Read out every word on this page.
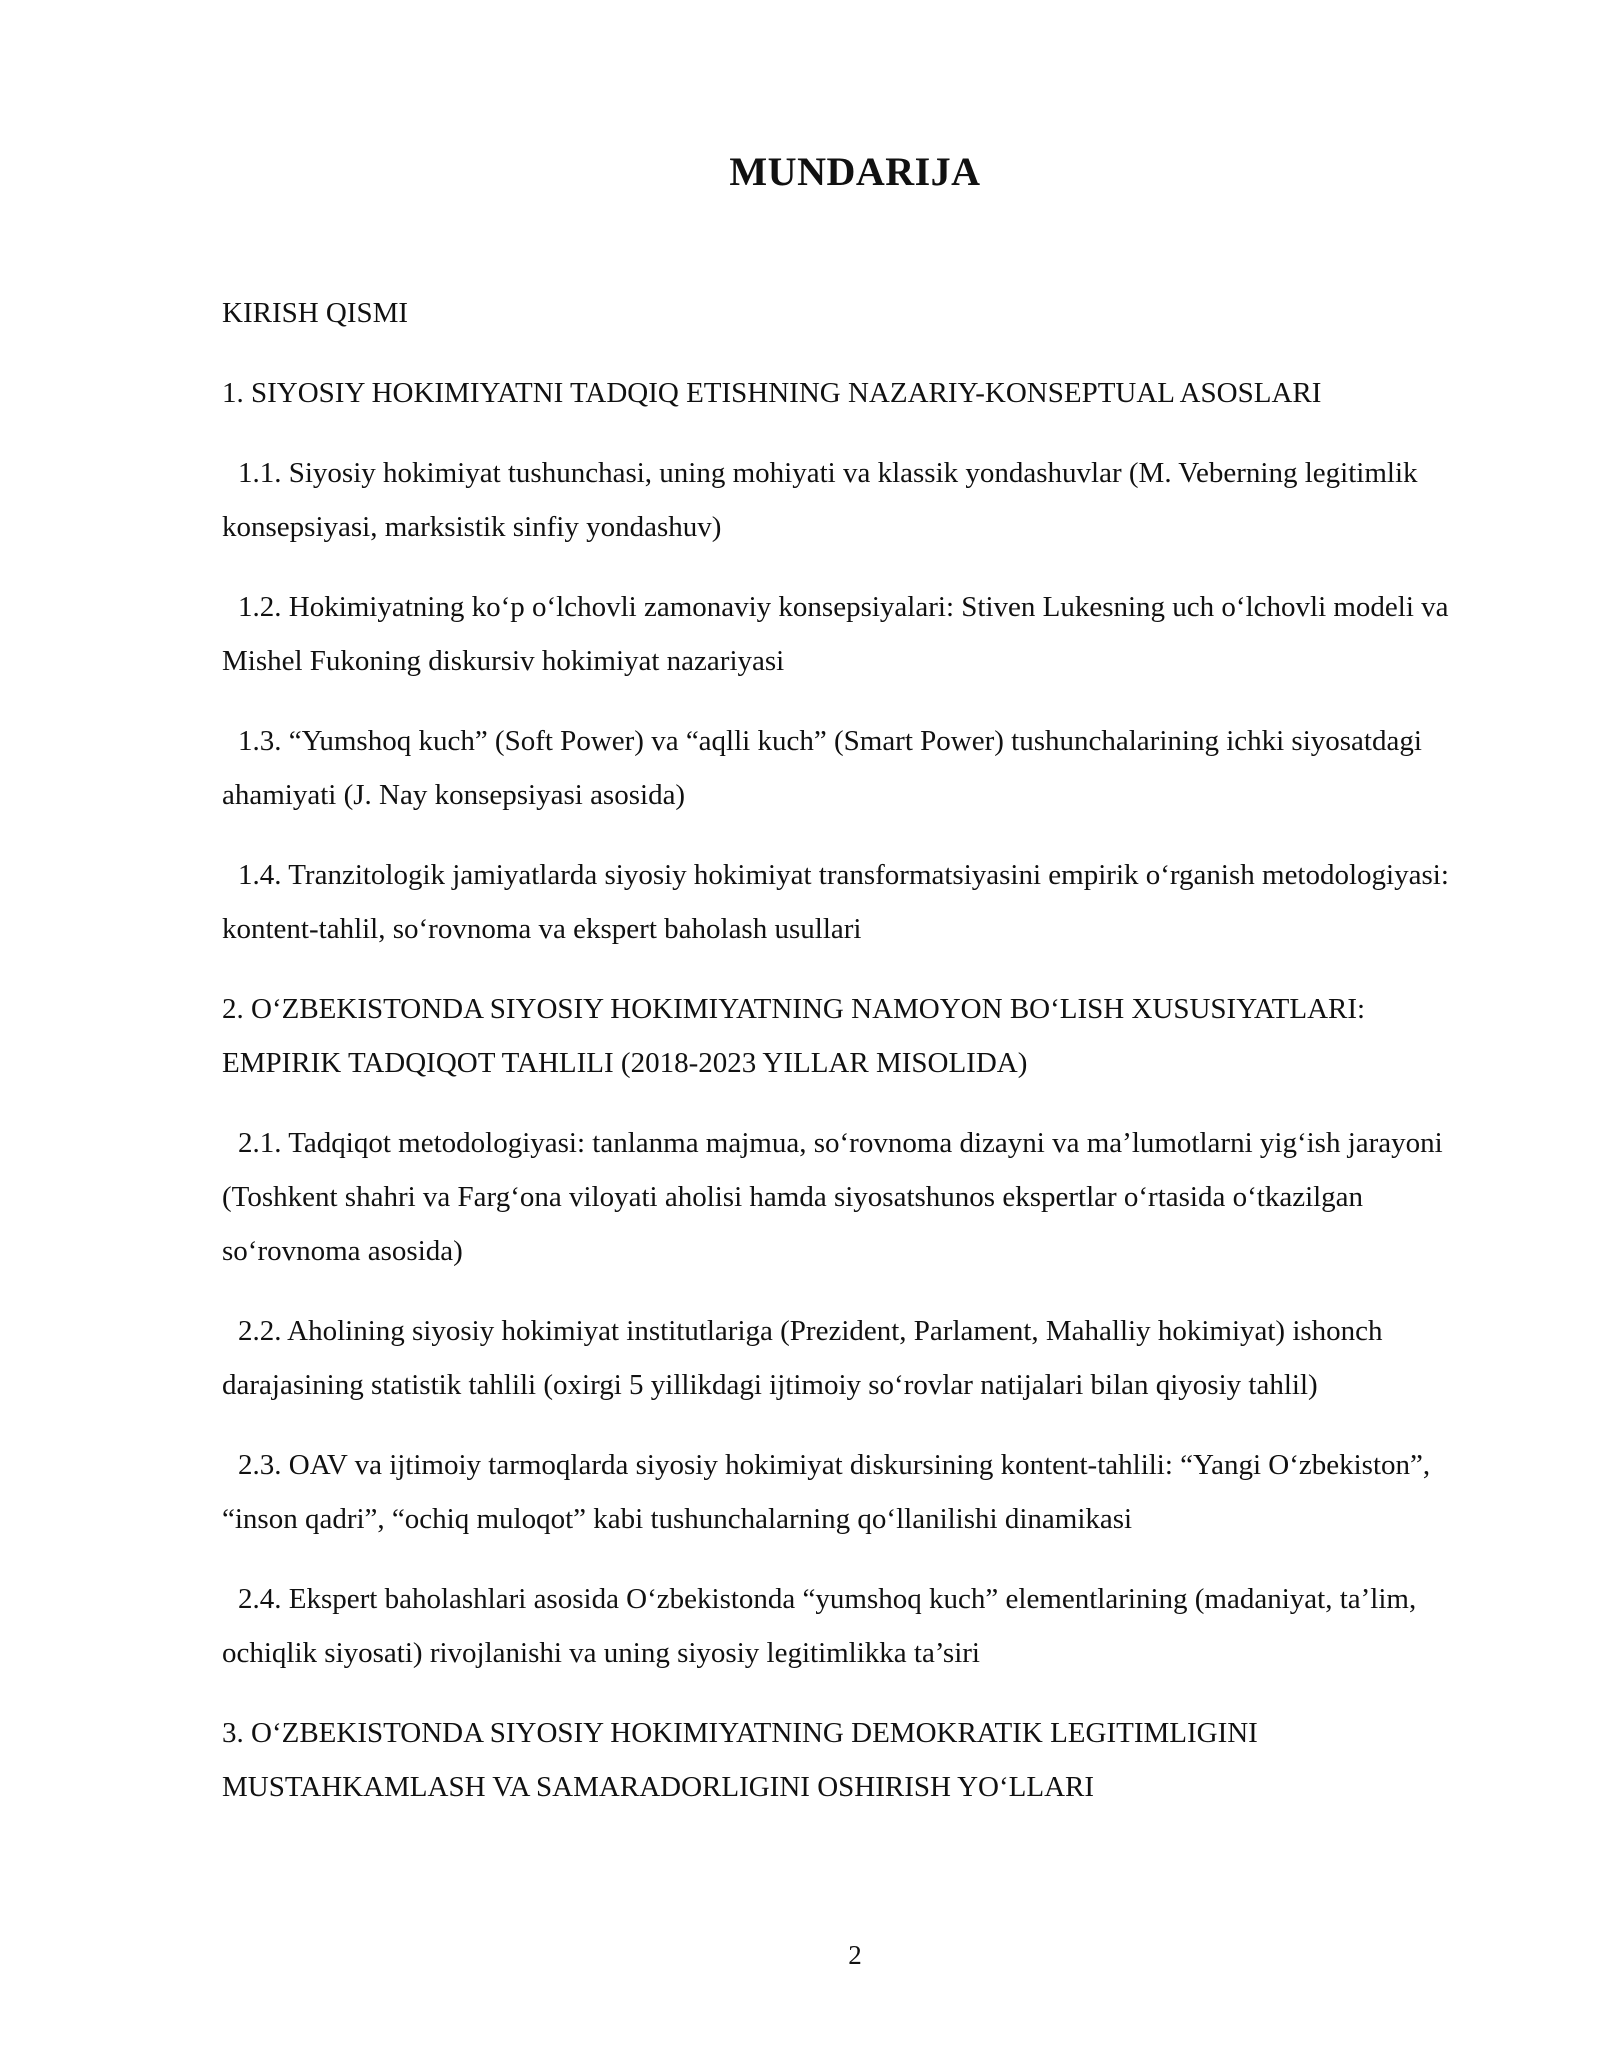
MUNDARIJA
KIRISH QISMI
1. SIYOSIY HOKIMIYATNI TADQIQ ETISHNING NAZARIY-KONSEPTUAL ASOSLARI
1.1. Siyosiy hokimiyat tushunchasi, uning mohiyati va klassik yondashuvlar (M. Veberning legitimlik konsepsiyasi, marksistik sinfiy yondashuv)
1.2. Hokimiyatning ko‘p o‘lchovli zamonaviy konsepsiyalari: Stiven Lukesning uch o‘lchovli modeli va Mishel Fukoning diskursiv hokimiyat nazariyasi
1.3. “Yumshoq kuch” (Soft Power) va “aqlli kuch” (Smart Power) tushunchalarining ichki siyosatdagi ahamiyati (J. Nay konsepsiyasi asosida)
1.4. Tranzitologik jamiyatlarda siyosiy hokimiyat transformatsiyasini empirik o‘rganish metodologiyasi: kontent-tahlil, so‘rovnoma va ekspert baholash usullari
2. O‘ZBEKISTONDA SIYOSIY HOKIMIYATNING NAMOYON BO‘LISH XUSUSIYATLARI: EMPIRIK TADQIQOT TAHLILI (2018-2023 YILLAR MISOLIDA)
2.1. Tadqiqot metodologiyasi: tanlanma majmua, so‘rovnoma dizayni va ma’lumotlarni yig‘ish jarayoni (Toshkent shahri va Farg‘ona viloyati aholisi hamda siyosatshunos ekspertlar o‘rtasida o‘tkazilgan so‘rovnoma asosida)
2.2. Aholining siyosiy hokimiyat institutlariga (Prezident, Parlament, Mahalliy hokimiyat) ishonch darajasining statistik tahlili (oxirgi 5 yillikdagi ijtimoiy so‘rovlar natijalari bilan qiyosiy tahlil)
2.3. OAV va ijtimoiy tarmoqlarda siyosiy hokimiyat diskursining kontent-tahlili: “Yangi O‘zbekiston”, “inson qadri”, “ochiq muloqot” kabi tushunchalarning qo‘llanilishi dinamikasi
2.4. Ekspert baholashlari asosida O‘zbekistonda “yumshoq kuch” elementlarining (madaniyat, ta’lim, ochiqlik siyosati) rivojlanishi va uning siyosiy legitimlikka ta’siri
3. O‘ZBEKISTONDA SIYOSIY HOKIMIYATNING DEMOKRATIK LEGITIMLIGINI MUSTAHKAMLASH VA SAMARADORLIGINI OSHIRISH YO‘LLARI
2
